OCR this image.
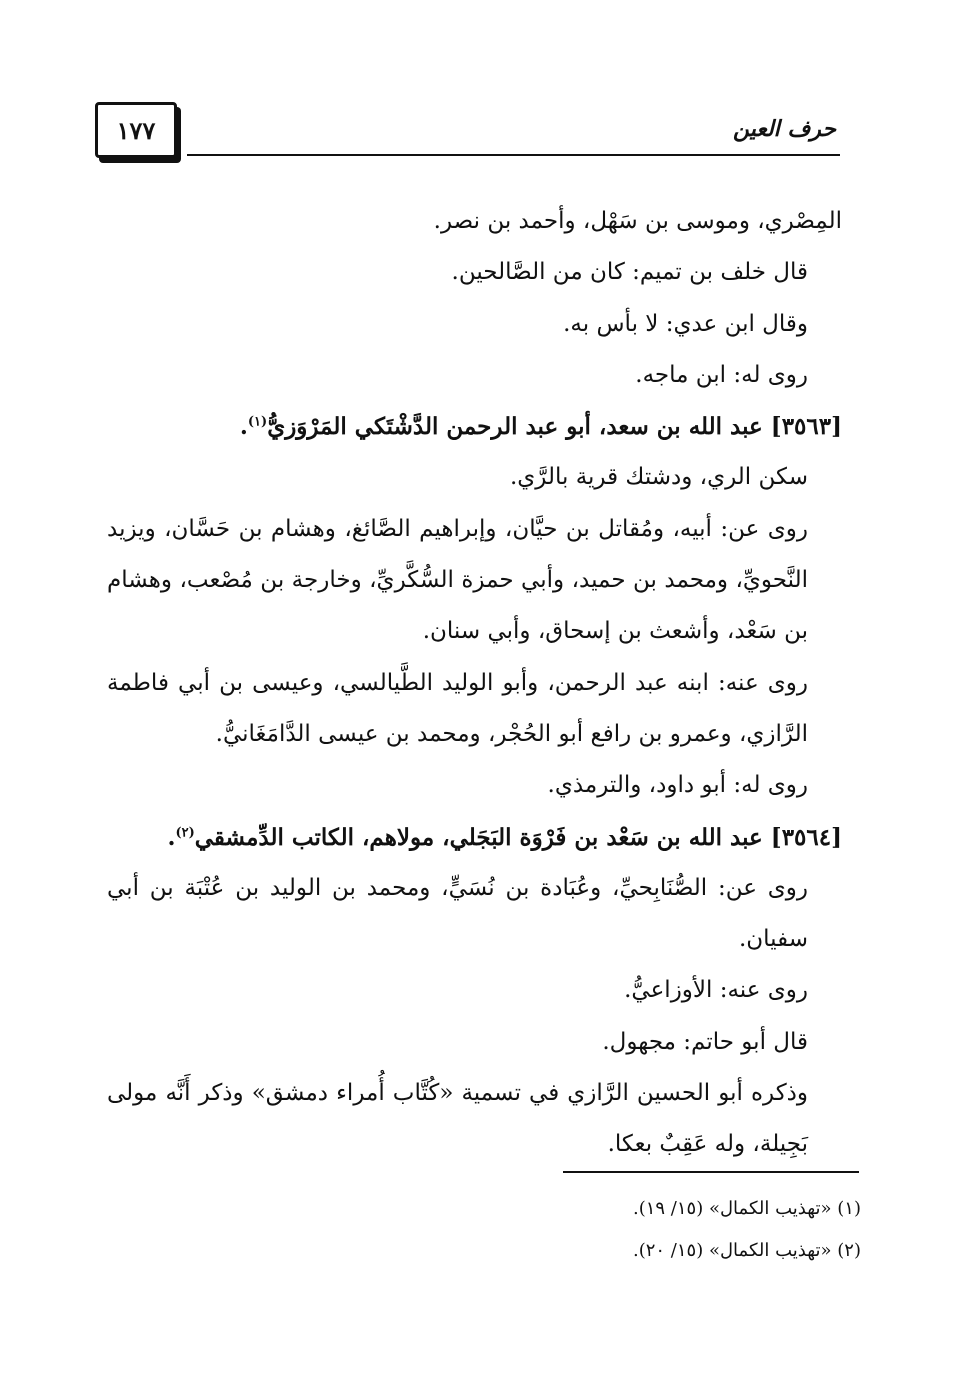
١٧٧	حرف العين

المِصْري، وموسى بن سَهْل، وأحمد بن نصر.

قال خلف بن تميم: كان من الصَّالحين.

وقال ابن عدي: لا بأس به.

روى له: ابن ماجه.

[٣٥٦٣] عبد الله بن سعد، أبو عبد الرحمن الدَّشْتَكي المَرْوَزيُّ$^{(١)}$.

سكن الري، ودشتك قرية بالرَّي.

روى عن: أبيه، ومُقاتل بن حيَّان، وإبراهيم الصَّائغ، وهشام بن حَسَّان، ويزيد النَّحويِّ، ومحمد بن حميد، وأبي حمزة السُّكَّريِّ، وخارجة بن مُصْعب، وهشام بن سَعْد، وأشعث بن إسحاق، وأبي سنان.

روى عنه: ابنه عبد الرحمن، وأبو الوليد الطَّيالسي، وعيسى بن أبي فاطمة الرَّازي، وعمرو بن رافع أبو الحُجْر، ومحمد بن عيسى الدَّامَغَانيُّ.

روى له: أبو داود، والترمذي.

[٣٥٦٤] عبد الله بن سَعْد بن فَرْوَة البَجَلي، مولاهم، الكاتب الدِّمشقي$^{(٢)}$.

روى عن: الصُّنَابِحيِّ، وعُبَادة بن نُسَيٍّ، ومحمد بن الوليد بن عُتْبَة بن أبي سفيان.

روى عنه: الأوزاعيُّ.

قال أبو حاتم: مجهول.

وذكره أبو الحسين الرَّازي في تسمية «كُتَّاب أُمراء دمشق» وذكر أَنَّه مولى بَجِيلة، وله عَقِبٌ بعكا.

(١) «تهذيب الكمال» (١٥/ ١٩).

(٢) «تهذيب الكمال» (١٥/ ٢٠).
